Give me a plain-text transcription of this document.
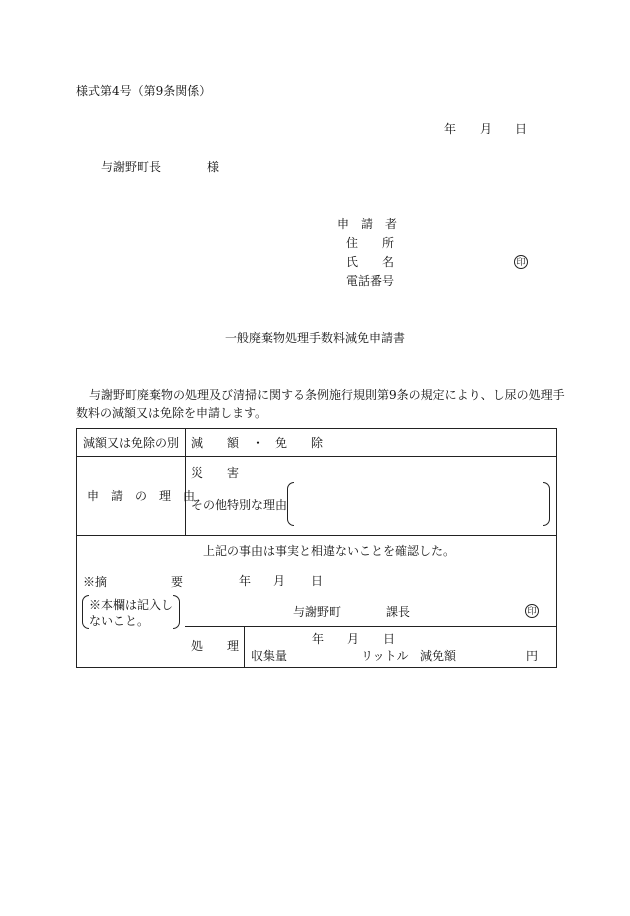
様式第4号（第9条関係）
年 月 日
与謝野町長	様
申　請　者
住　　所
氏　　名	印
電話番号
一般廃棄物処理手数料減免申請書
与謝野町廃棄物の処理及び清掃に関する条例施行規則第9条の規定により、し尿の処理手
数料の減額又は免除を申請します。
減額又は免除の別 減　　額 ・ 免　　除
申　請　の　理　由
災　　害
その他特別な理由
※摘	要
※本欄は記入し
ないこと。
上記の事由は事実と相違ないことを確認した。
年 月 日
与謝野町	課長	印
処　　理	年 月 日
収集量	リットル 減免額	円
